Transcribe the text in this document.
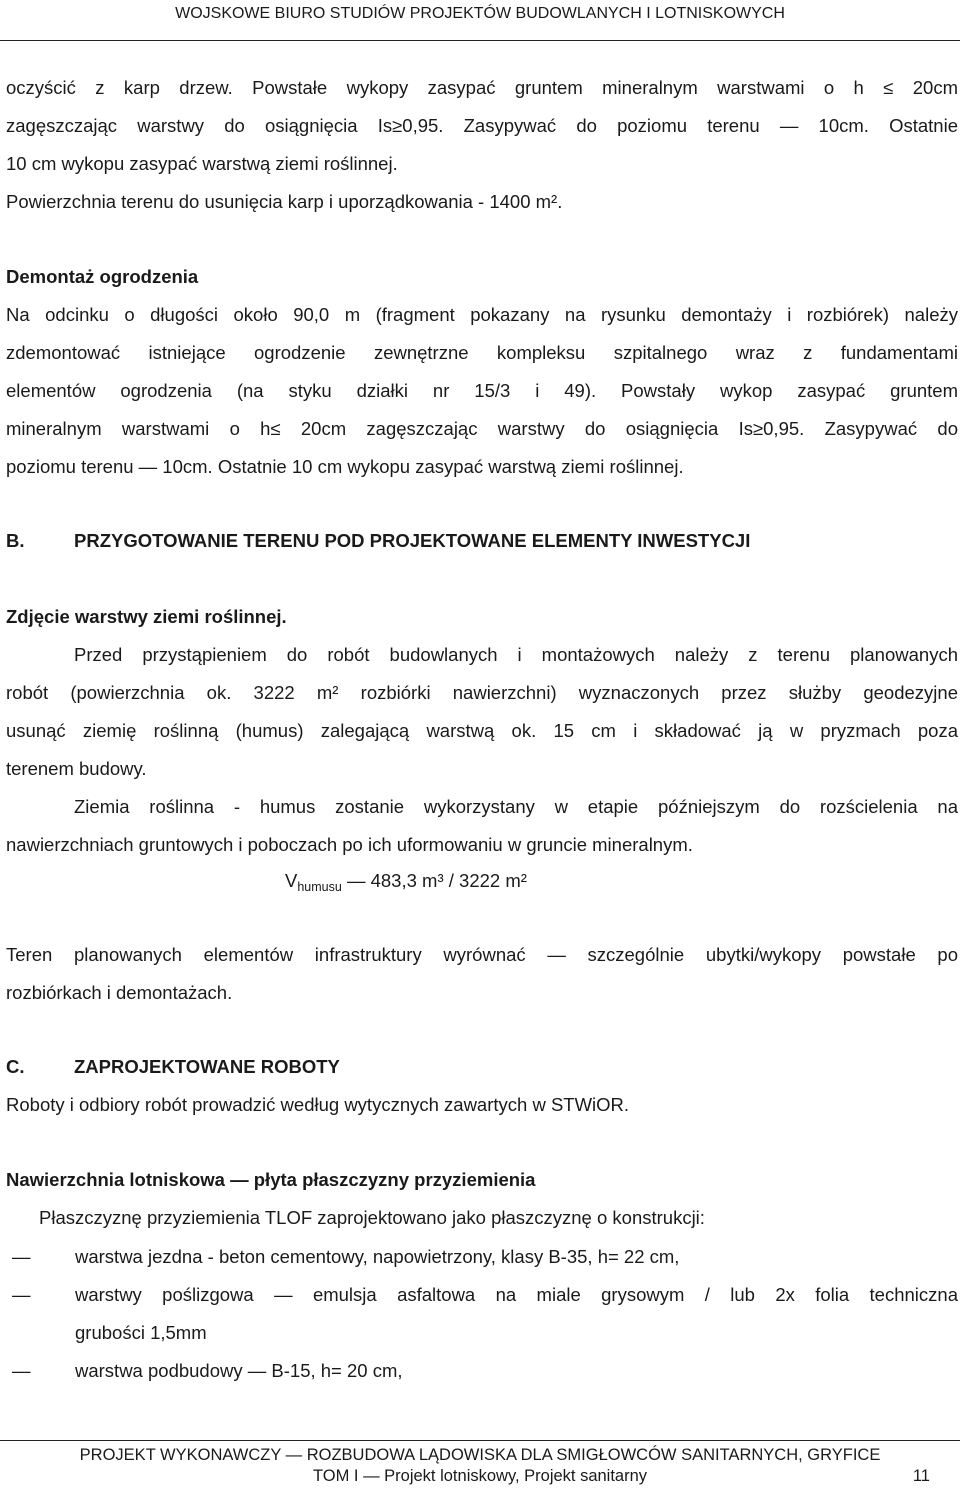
WOJSKOWE BIURO STUDIÓW PROJEKTÓW BUDOWLANYCH I LOTNISKOWYCH
oczyścić z karp drzew. Powstałe wykopy zasypać gruntem mineralnym warstwami o h ≤ 20cm
zagęszczając warstwy do osiągnięcia Is≥0,95. Zasypywać do poziomu terenu — 10cm. Ostatnie
10 cm wykopu zasypać warstwą ziemi roślinnej.
Powierzchnia terenu do usunięcia karp i uporządkowania - 1400 m².
Demontaż ogrodzenia
Na odcinku o długości około 90,0 m (fragment pokazany na rysunku demontaży i rozbiórek) należy
zdemontować istniejące ogrodzenie zewnętrzne kompleksu szpitalnego wraz z fundamentami
elementów ogrodzenia (na styku działki nr 15/3 i 49). Powstały wykop zasypać gruntem
mineralnym warstwami o h≤ 20cm zagęszczając warstwy do osiągnięcia Is≥0,95. Zasypywać do
poziomu terenu — 10cm. Ostatnie 10 cm wykopu zasypać warstwą ziemi roślinnej.
B.	PRZYGOTOWANIE TERENU POD PROJEKTOWANE ELEMENTY INWESTYCJI
Zdjęcie warstwy ziemi roślinnej.
Przed przystąpieniem do robót budowlanych i montażowych należy z terenu planowanych
robót (powierzchnia ok. 3222 m² rozbiórki nawierzchni) wyznaczonych przez służby geodezyjne
usunąć ziemię roślinną (humus) zalegającą warstwą ok. 15 cm i składować ją w pryzmach poza
terenem budowy.
Ziemia roślinna - humus zostanie wykorzystany w etapie późniejszym do rozścielenia na
nawierzchniach gruntowych i poboczach po ich uformowaniu w gruncie mineralnym.
$V_{humusu}$ — 483,3 m³ / 3222 m²
Teren planowanych elementów infrastruktury wyrównać — szczególnie ubytki/wykopy powstałe po
rozbiórkach i demontażach.
C.	ZAPROJEKTOWANE ROBOTY
Roboty i odbiory robót prowadzić według wytycznych zawartych w STWiOR.
Nawierzchnia lotniskowa — płyta płaszczyzny przyziemienia
Płaszczyznę przyziemienia TLOF zaprojektowano jako płaszczyznę o konstrukcji:
—	warstwa jezdna - beton cementowy, napowietrzony, klasy B-35, h= 22 cm,
—	warstwy poślizgowa — emulsja asfaltowa na miale grysowym / lub 2x folia techniczna
grubości 1,5mm
—	warstwa podbudowy — B-15, h= 20 cm,
PROJEKT WYKONAWCZY — ROZBUDOWA LĄDOWISKA DLA SMIGŁOWCÓW SANITARNYCH, GRYFICE
TOM I — Projekt lotniskowy, Projekt sanitarny	11
